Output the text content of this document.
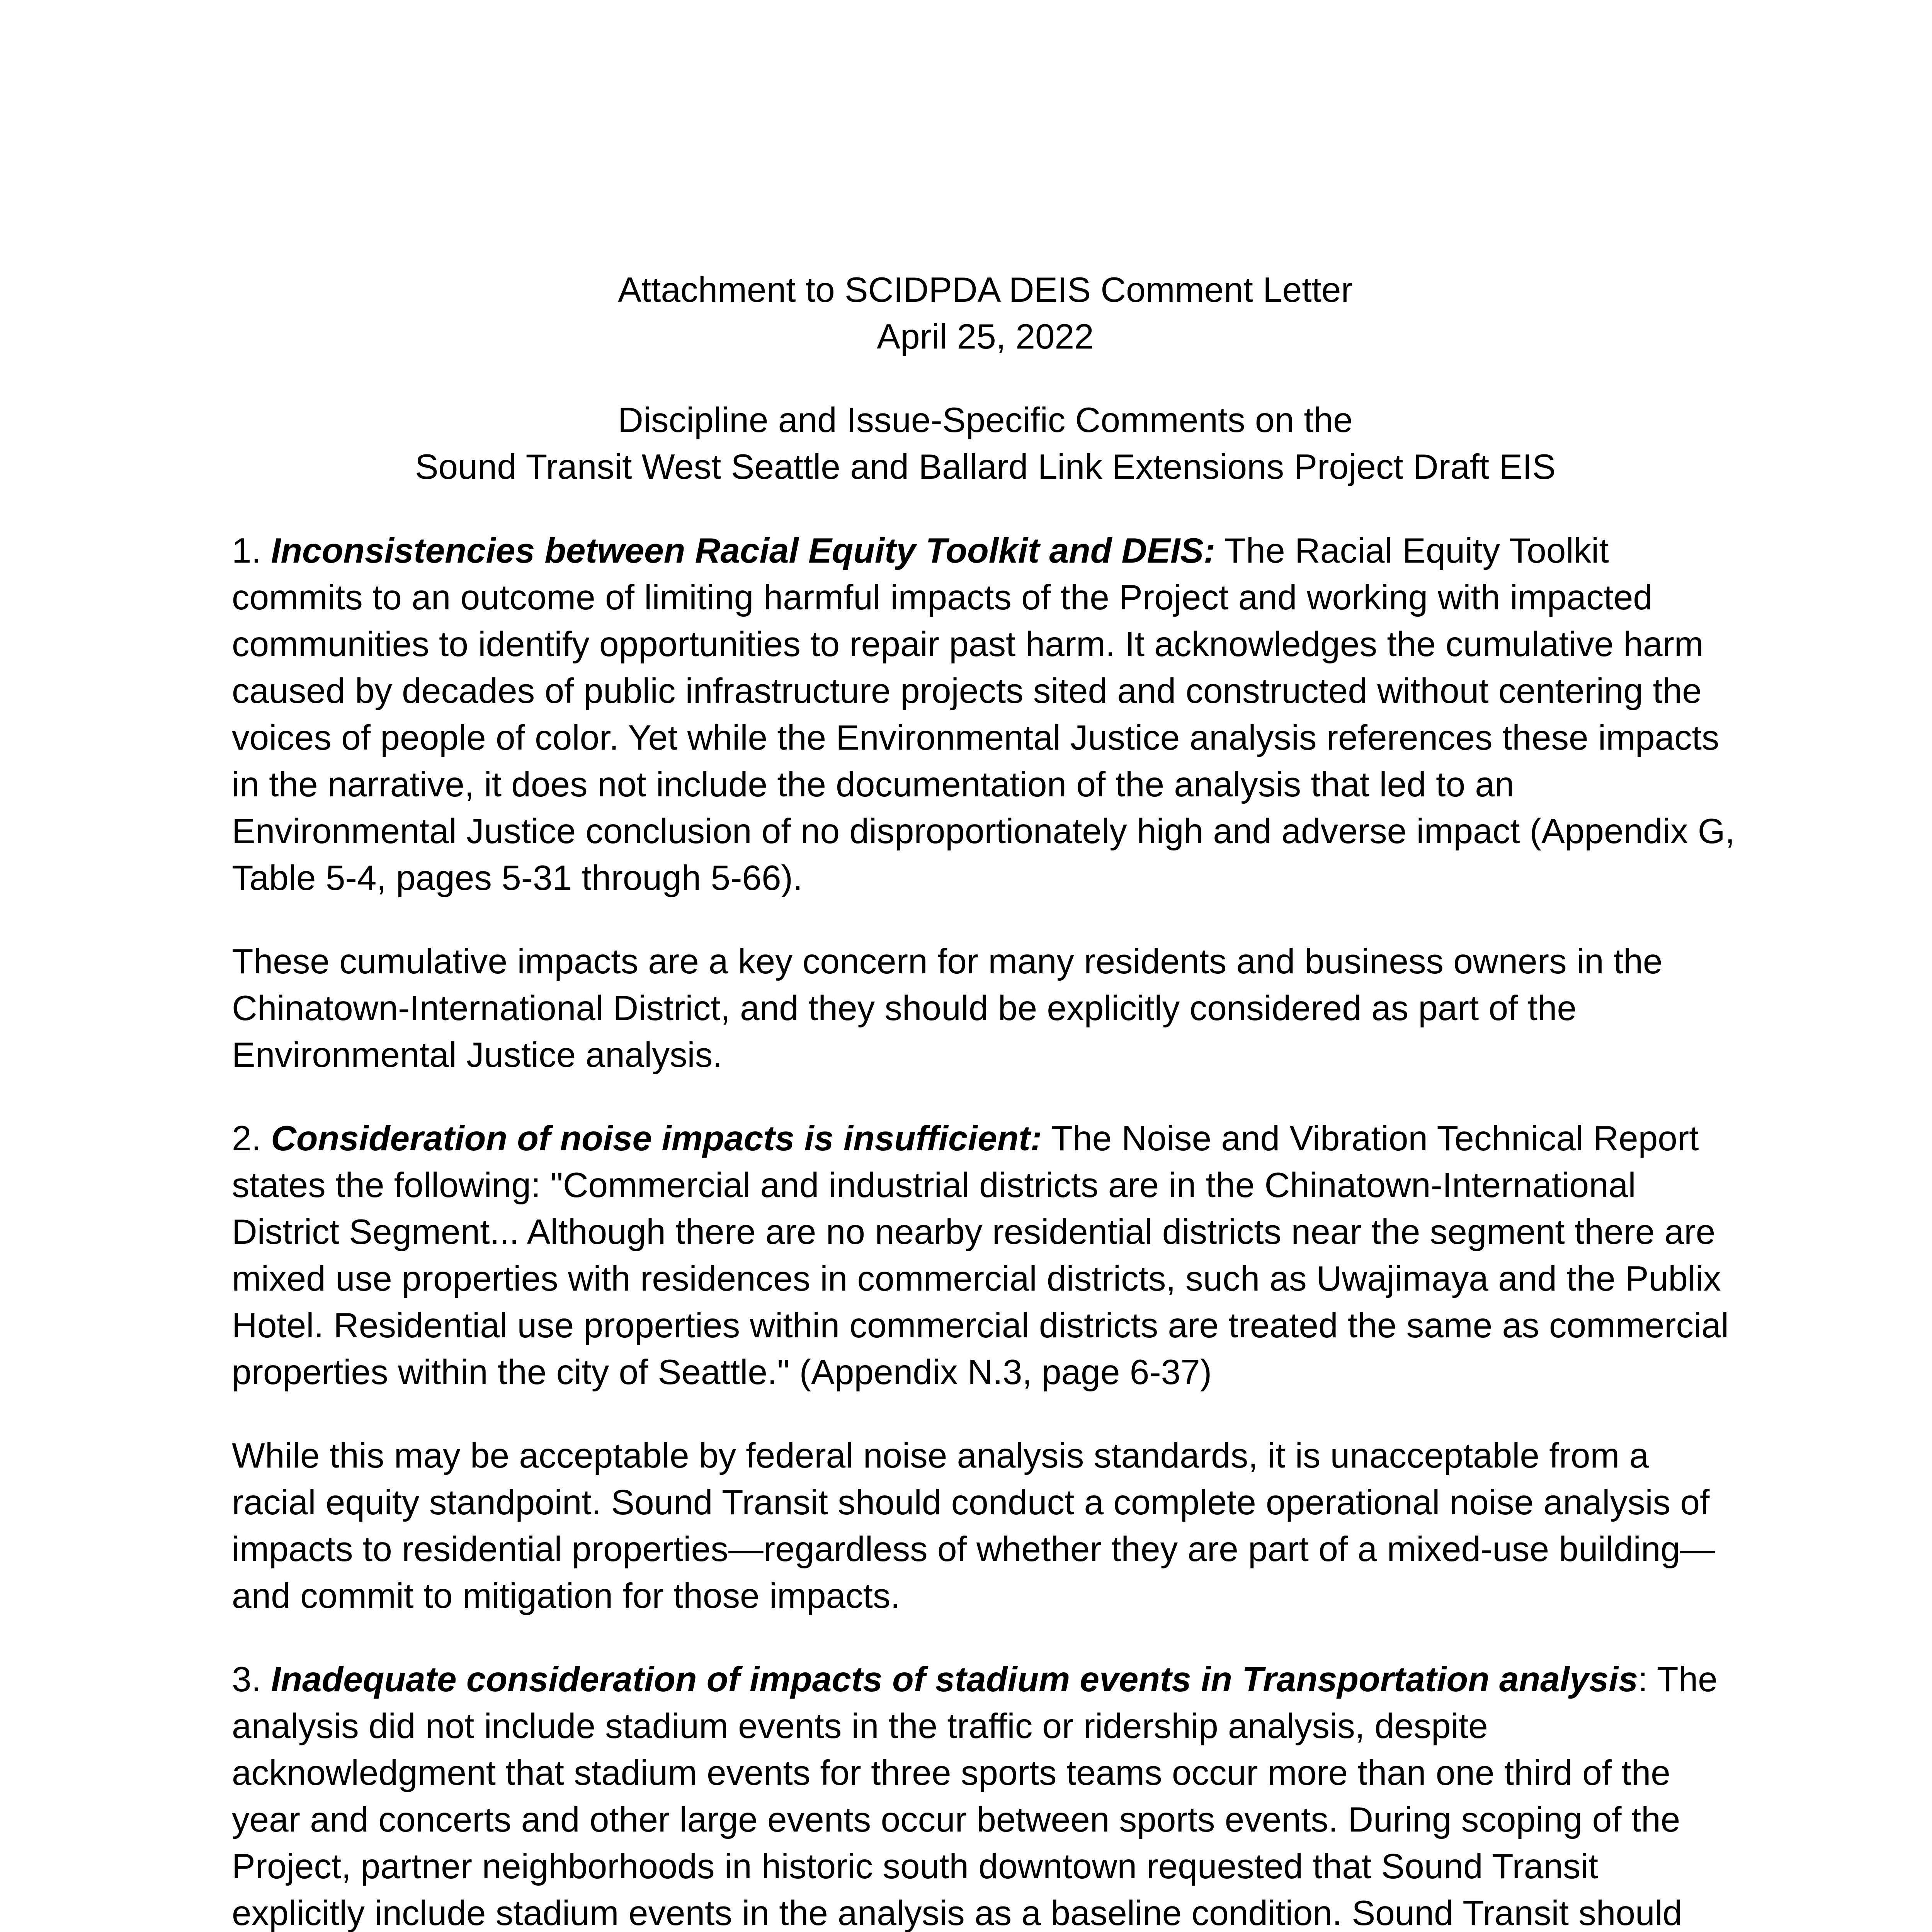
Attachment to SCIDPDA DEIS Comment Letter

April 25, 2022

Discipline and Issue-Specific Comments on the

Sound Transit West Seattle and Ballard Link Extensions Project Draft EIS

1. Inconsistencies between Racial Equity Toolkit and DEIS: The Racial Equity Toolkit commits to an outcome of limiting harmful impacts of the Project and working with impacted communities to identify opportunities to repair past harm. It acknowledges the cumulative harm caused by decades of public infrastructure projects sited and constructed without centering the voices of people of color. Yet while the Environmental Justice analysis references these impacts in the narrative, it does not include the documentation of the analysis that led to an Environmental Justice conclusion of no disproportionately high and adverse impact (Appendix G, Table 5-4, pages 5-31 through 5-66).

These cumulative impacts are a key concern for many residents and business owners in the Chinatown-International District, and they should be explicitly considered as part of the Environmental Justice analysis.

2. Consideration of noise impacts is insufficient: The Noise and Vibration Technical Report states the following: "Commercial and industrial districts are in the Chinatown-International District Segment... Although there are no nearby residential districts near the segment there are mixed use properties with residences in commercial districts, such as Uwajimaya and the Publix Hotel. Residential use properties within commercial districts are treated the same as commercial properties within the city of Seattle." (Appendix N.3, page 6-37)

While this may be acceptable by federal noise analysis standards, it is unacceptable from a racial equity standpoint. Sound Transit should conduct a complete operational noise analysis of impacts to residential properties—regardless of whether they are part of a mixed-use building—and commit to mitigation for those impacts.

3. Inadequate consideration of impacts of stadium events in Transportation analysis: The analysis did not include stadium events in the traffic or ridership analysis, despite acknowledgment that stadium events for three sports teams occur more than one third of the year and concerts and other large events occur between sports events. During scoping of the Project, partner neighborhoods in historic south downtown requested that Sound Transit explicitly include stadium events in the analysis as a baseline condition. Sound Transit should
